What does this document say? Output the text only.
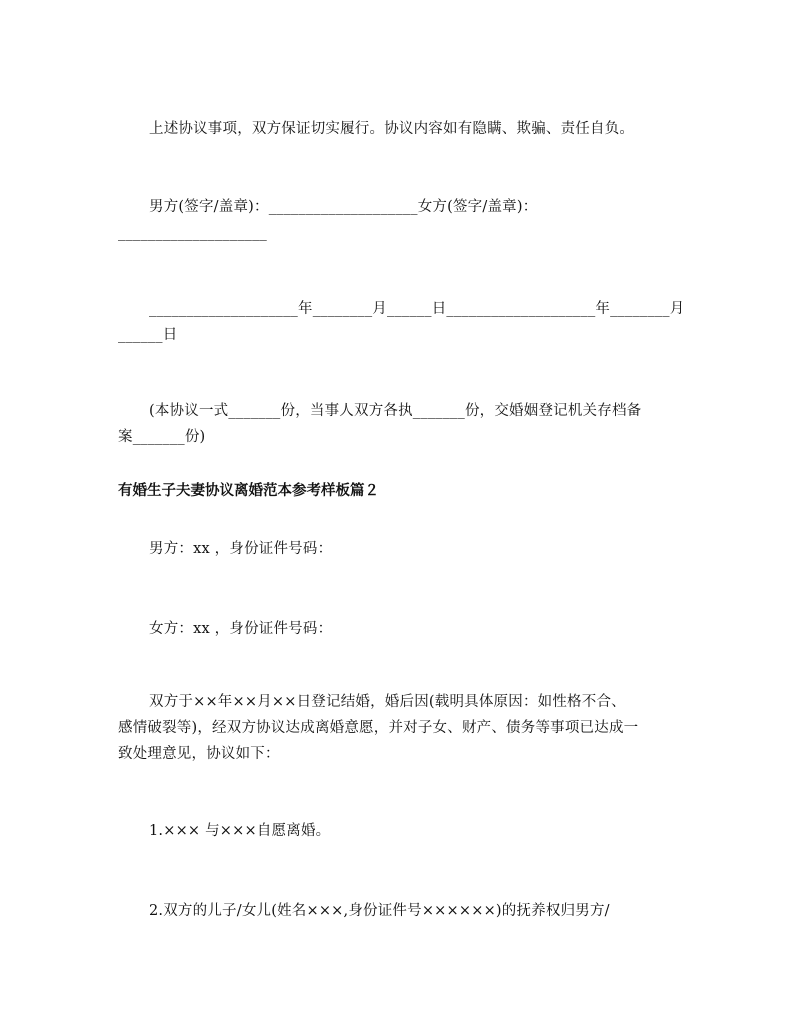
上述协议事项，双方保证切实履行。协议内容如有隐瞒、欺骗、责任自负。
男方(签字/盖章)：____________________女方(签字/盖章)：
____________________
____________________年________月______日____________________年________月
______日
(本协议一式_______份，当事人双方各执_______份，交婚姻登记机关存档备
案_______份)
有婚生子夫妻协议离婚范本参考样板篇２
男方：xx ，身份证件号码：
女方：xx ，身份证件号码：
双方于××年××月××日登记结婚，婚后因(载明具体原因：如性格不合、
感情破裂等)，经双方协议达成离婚意愿，并对子女、财产、债务等事项已达成一
致处理意见，协议如下：
1.××× 与×××自愿离婚。
2.双方的儿子/女儿(姓名×××,身份证件号××××××)的抚养权归男方/
